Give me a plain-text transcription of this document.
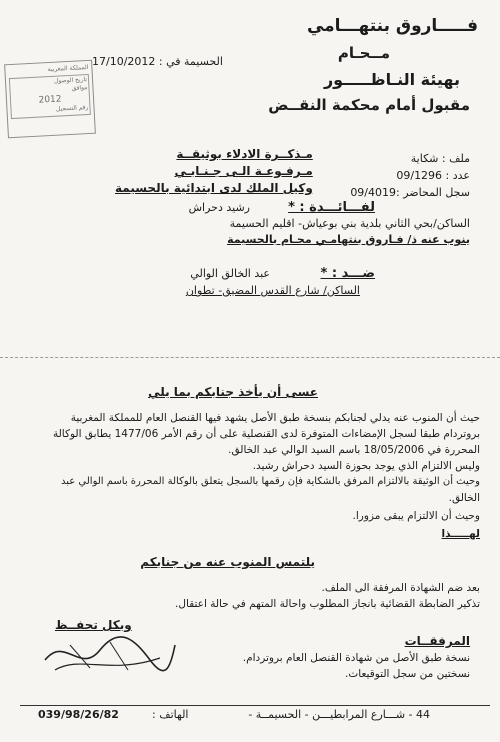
فـــــاروق بنتهـــامي
مــحـام
بهيئة النـاظـــــور
مقبول أمام محكمة النقــض
المملكة المغربية
تاريخ الوصول
موافق
2012
رقم التسجيل
الحسيمة في : 17/10/2012
ملف : شكاية
عدد : 09/1296
سجل المحاضر :09/4019
مـذكــرة الادلاء بوثيقــة
مـرفـوعـة الـى جـنـابـي
وكيل الملك لدى ابتدائية بالحسيمة
لفـــائـــدة : *
رشيد دحراش
الساكن/بحي الثاني بلدية بني بوعياش- اقليم الحسيمة
ينوب عنه ذ/ فـاروق بنتهامـي محـام بالحسيمة
ضـــد : *
عبد الخالق الوالي
الساكن/ شارع القدس المضيق- تطوان
عسى أن يأخذ جنابكم بما يلي
حيث أن المنوب عنه يدلي لجنابكم بنسخة طبق الأصل يشهد فيها القنصل العام للمملكة المغربية
بروتردام طبقا لسجل الإمضاءات المتوفرة لدى القنصلية على أن رقم الأمر 1477/06 يطابق الوكالة
المحررة في 18/05/2006 باسم السيد الوالي عبد الخالق.
وليس الالتزام الذي يوجد بحوزة السيد دحراش رشيد.
وحيث أن الوثيقة بالالتزام المرفق بالشكاية فإن رقمها بالسجل يتعلق بالوكالة المحررة باسم الوالي عبد
الخالق.
وحيث أن الالتزام يبقى مزورا.
لهـــــذا
يلتمس المنوب عنه من جنابكم
بعد ضم الشهادة المرفقة الى الملف.
تذكير الضابطة القضائية بانجاز المطلوب واحالة المتهم في حالة اعتقال.
وبكل تحفــظ
المرفقــات
نسخة طبق الأصل من شهادة القنصل العام بروتردام.
نسختين من سجل التوقيعات.
44 - شـــارع المرابطيـــن - الحسيمــة -
الهاتف :
039/98/26/82
